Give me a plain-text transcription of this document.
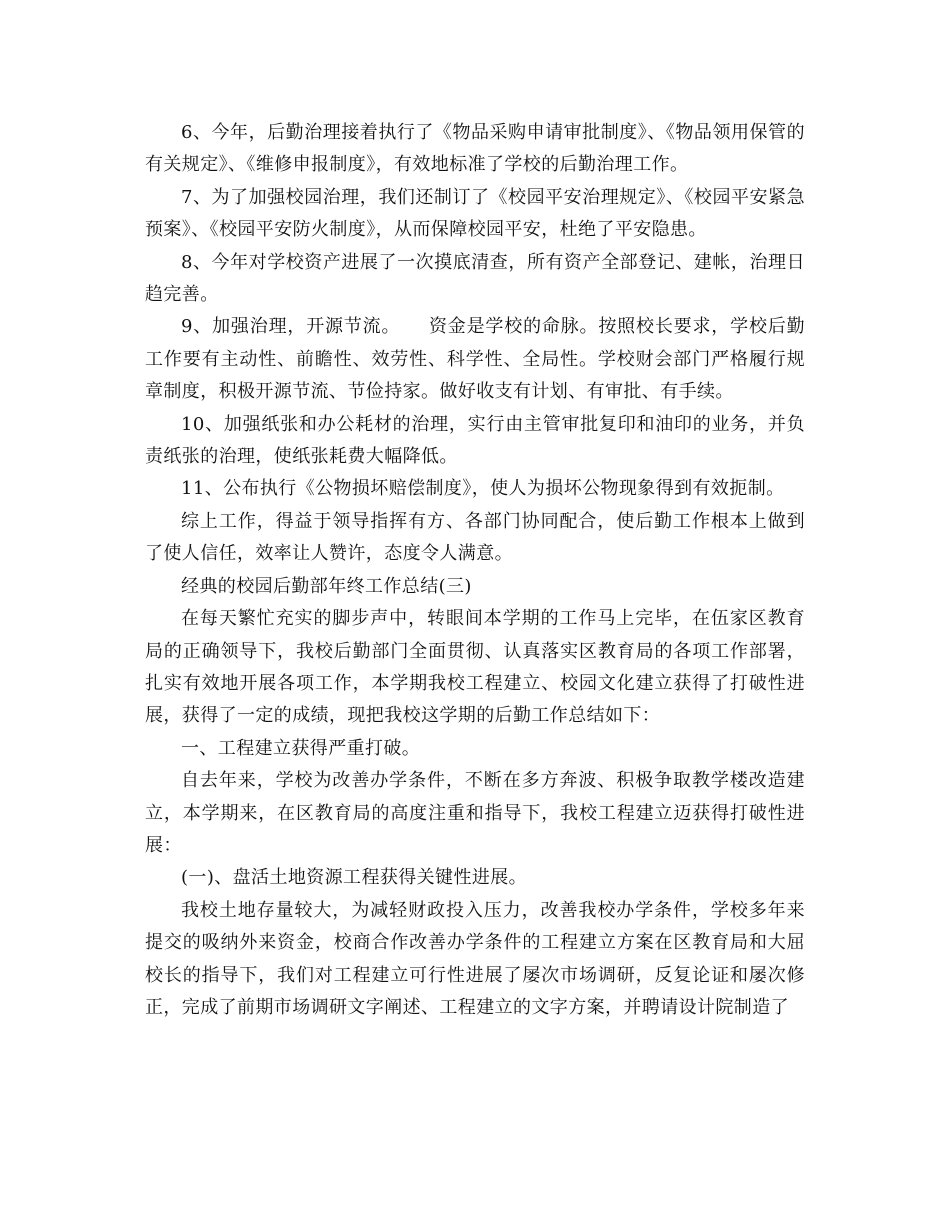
6、今年，后勤治理接着执行了《物品采购申请审批制度》、《物品领用保管的有关规定》、《维修申报制度》，有效地标准了学校的后勤治理工作。

7、为了加强校园治理，我们还制订了《校园平安治理规定》、《校园平安紧急预案》、《校园平安防火制度》，从而保障校园平安，杜绝了平安隐患。

8、今年对学校资产进展了一次摸底清查，所有资产全部登记、建帐，治理日趋完善。

9、加强治理，开源节流。　　资金是学校的命脉。按照校长要求，学校后勤工作要有主动性、前瞻性、效劳性、科学性、全局性。学校财会部门严格履行规章制度，积极开源节流、节俭持家。做好收支有计划、有审批、有手续。

10、加强纸张和办公耗材的治理，实行由主管审批复印和油印的业务，并负责纸张的治理，使纸张耗费大幅降低。

11、公布执行《公物损坏赔偿制度》，使人为损坏公物现象得到有效扼制。

综上工作，得益于领导指挥有方、各部门协同配合，使后勤工作根本上做到了使人信任，效率让人赞许，态度令人满意。

经典的校园后勤部年终工作总结(三)

在每天繁忙充实的脚步声中，转眼间本学期的工作马上完毕，在伍家区教育局的正确领导下，我校后勤部门全面贯彻、认真落实区教育局的各项工作部署，扎实有效地开展各项工作，本学期我校工程建立、校园文化建立获得了打破性进展，获得了一定的成绩，现把我校这学期的后勤工作总结如下：

一、工程建立获得严重打破。

自去年来，学校为改善办学条件，不断在多方奔波、积极争取教学楼改造建立，本学期来，在区教育局的高度注重和指导下，我校工程建立迈获得打破性进展：

(一)、盘活土地资源工程获得关键性进展。

我校土地存量较大，为减轻财政投入压力，改善我校办学条件，学校多年来提交的吸纳外来资金，校商合作改善办学条件的工程建立方案在区教育局和大屈校长的指导下，我们对工程建立可行性进展了屡次市场调研，反复论证和屡次修正，完成了前期市场调研文字阐述、工程建立的文字方案，并聘请设计院制造了
